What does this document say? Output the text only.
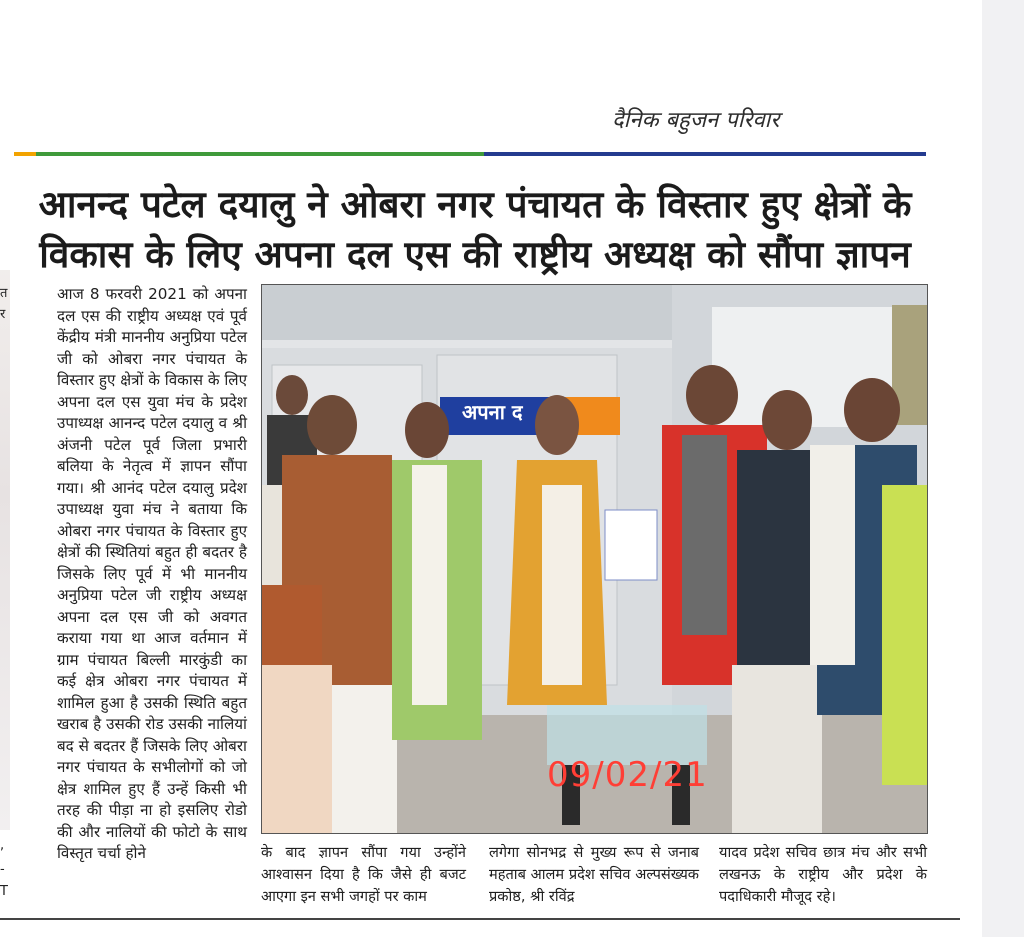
त
र
,
-
T
दैनिक बहुजन परिवार
आनन्द पटेल दयालु ने ओबरा नगर पंचायत के विस्तार हुए क्षेत्रों के विकास के लिए अपना दल एस की राष्ट्रीय अध्यक्ष को सौंपा ज्ञापन

आज 8 फरवरी 2021 को अपना दल एस की राष्ट्रीय अध्यक्ष एवं पूर्व केंद्रीय मंत्री माननीय अनुप्रिया पटेल जी को ओबरा नगर पंचायत के विस्तार हुए क्षेत्रों के विकास के लिए अपना दल एस युवा मंच के प्रदेश उपाध्यक्ष आनन्द पटेल दयालु व श्री अंजनी पटेल पूर्व जिला प्रभारी बलिया के नेतृत्व में ज्ञापन सौंपा गया। श्री आनंद पटेल दयालु प्रदेश उपाध्यक्ष युवा मंच ने बताया कि ओबरा नगर पंचायत के विस्तार हुए क्षेत्रों की स्थितियां बहुत ही बदतर है जिसके लिए पूर्व में भी माननीय अनुप्रिया पटेल जी राष्ट्रीय अध्यक्ष अपना दल एस जी को अवगत कराया गया था आज वर्तमान में ग्राम पंचायत बिल्ली मारकुंडी का कई क्षेत्र ओबरा नगर पंचायत में शामिल हुआ है उसकी स्थिति बहुत खराब है उसकी रोड उसकी नालियां बद से बदतर हैं जिसके लिए ओबरा नगर पंचायत के सभीलोगों को जो क्षेत्र शामिल हुए हैं उन्हें किसी भी तरह की पीड़ा ना हो इसलिए रोडो की और नालियों की फोटो के साथ विस्तृत चर्चा होने

अपना द
09/02/21
के बाद ज्ञापन सौंपा गया उन्होंने आश्वासन दिया है कि जैसे ही बजट आएगा इन सभी जगहों पर काम
लगेगा सोनभद्र से मुख्य रूप से जनाब महताब आलम प्रदेश सचिव अल्पसंख्यक प्रकोष्ठ, श्री रविंद्र
यादव प्रदेश सचिव छात्र मंच और सभी लखनऊ के राष्ट्रीय और प्रदेश के पदाधिकारी मौजूद रहे।
